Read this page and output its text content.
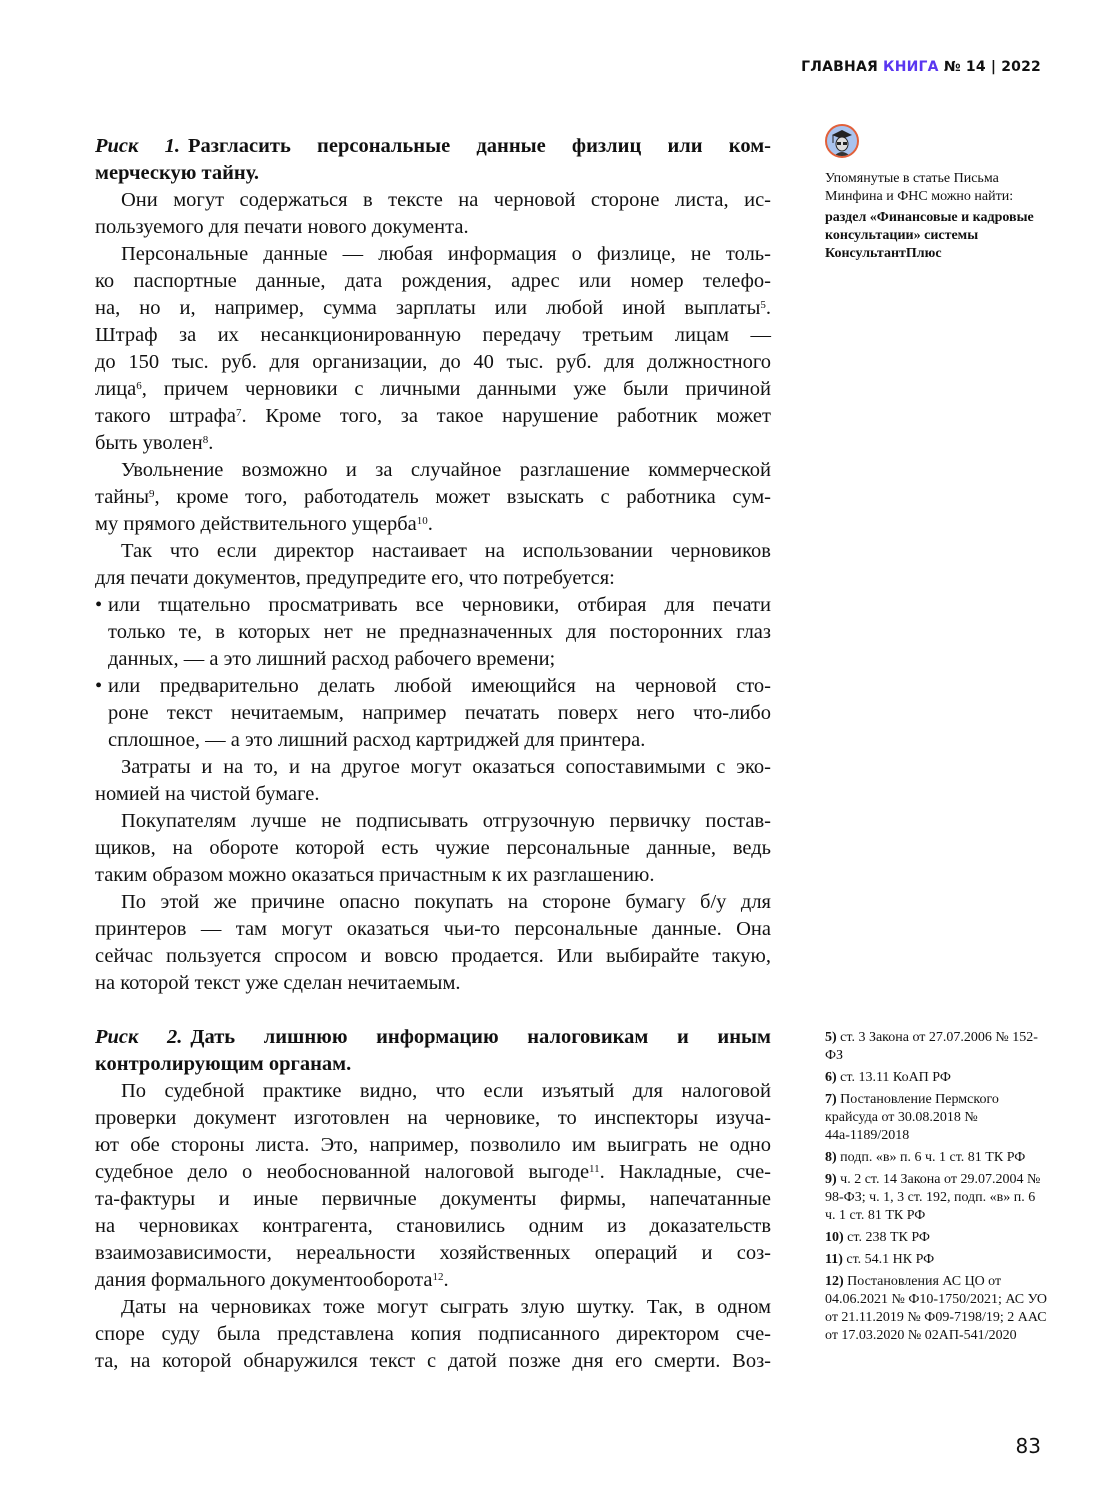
ГЛАВНАЯ КНИГА № 14 | 2022
Риск 1. Разгласить персональные данные физлиц или ком-
мерческую тайну.
Они могут содержаться в тексте на черновой стороне листа, ис-
пользуемого для печати нового документа.
Персональные данные — любая информация о физлице, не толь-
ко паспортные данные, дата рождения, адрес или номер телефо-
на, но и, например, сумма зарплаты или любой иной выплаты$^5$.
Штраф за их несанкционированную передачу третьим лицам —
до 150 тыс. руб. для организации, до 40 тыс. руб. для должностного
лица$^6$, причем черновики с личными данными уже были причиной
такого штрафа$^7$. Кроме того, за такое нарушение работник может
быть уволен$^8$.
Увольнение возможно и за случайное разглашение коммерческой
тайны$^9$, кроме того, работодатель может взыскать с работника сум-
му прямого действительного ущерба$^{10}$.
Так что если директор настаивает на использовании черновиков
для печати документов, предупредите его, что потребуется:
• или тщательно просматривать все черновики, отбирая для печати
только те, в которых нет не предназначенных для посторонних глаз
данных, — а это лишний расход рабочего времени;
• или предварительно делать любой имеющийся на черновой сто-
роне текст нечитаемым, например печатать поверх него что-либо
сплошное, — а это лишний расход картриджей для принтера.
Затраты и на то, и на другое могут оказаться сопоставимыми с эко-
номией на чистой бумаге.
Покупателям лучше не подписывать отгрузочную первичку постав-
щиков, на обороте которой есть чужие персональные данные, ведь
таким образом можно оказаться причастным к их разглашению.
По этой же причине опасно покупать на стороне бумагу б/у для
принтеров — там могут оказаться чьи-то персональные данные. Она
сейчас пользуется спросом и вовсю продается. Или выбирайте такую,
на которой текст уже сделан нечитаемым.
Риск 2. Дать лишнюю информацию налоговикам и иным
контролирующим органам.
По судебной практике видно, что если изъятый для налоговой
проверки документ изготовлен на черновике, то инспекторы изуча-
ют обе стороны листа. Это, например, позволило им выиграть не одно
судебное дело о необоснованной налоговой выгоде$^{11}$. Накладные, сче-
та-фактуры и иные первичные документы фирмы, напечатанные
на черновиках контрагента, становились одним из доказательств
взаимозависимости, нереальности хозяйственных операций и соз-
дания формального документооборота$^{12}$.
Даты на черновиках тоже могут сыграть злую шутку. Так, в одном
споре суду была представлена копия подписанного директором сче-
та, на которой обнаружился текст с датой позже дня его смерти. Воз-
Упомянутые в статье Письма Минфина и ФНС можно найти:
раздел «Финансовые и кадровые консультации» системы КонсультантПлюс
5) ст. 3 Закона от 27.07.2006 № 152-ФЗ
6) ст. 13.11 КоАП РФ
7) Постановление Пермского крайсуда от 30.08.2018 № 44а-1189/2018
8) подп. «в» п. 6 ч. 1 ст. 81 ТК РФ
9) ч. 2 ст. 14 Закона от 29.07.2004 № 98-ФЗ; ч. 1, 3 ст. 192, подп. «в» п. 6 ч. 1 ст. 81 ТК РФ
10) ст. 238 ТК РФ
11) ст. 54.1 НК РФ
12) Постановления АС ЦО от 04.06.2021 № Ф10-1750/2021; АС УО от 21.11.2019 № Ф09-7198/19; 2 ААС от 17.03.2020 № 02АП-541/2020
83
